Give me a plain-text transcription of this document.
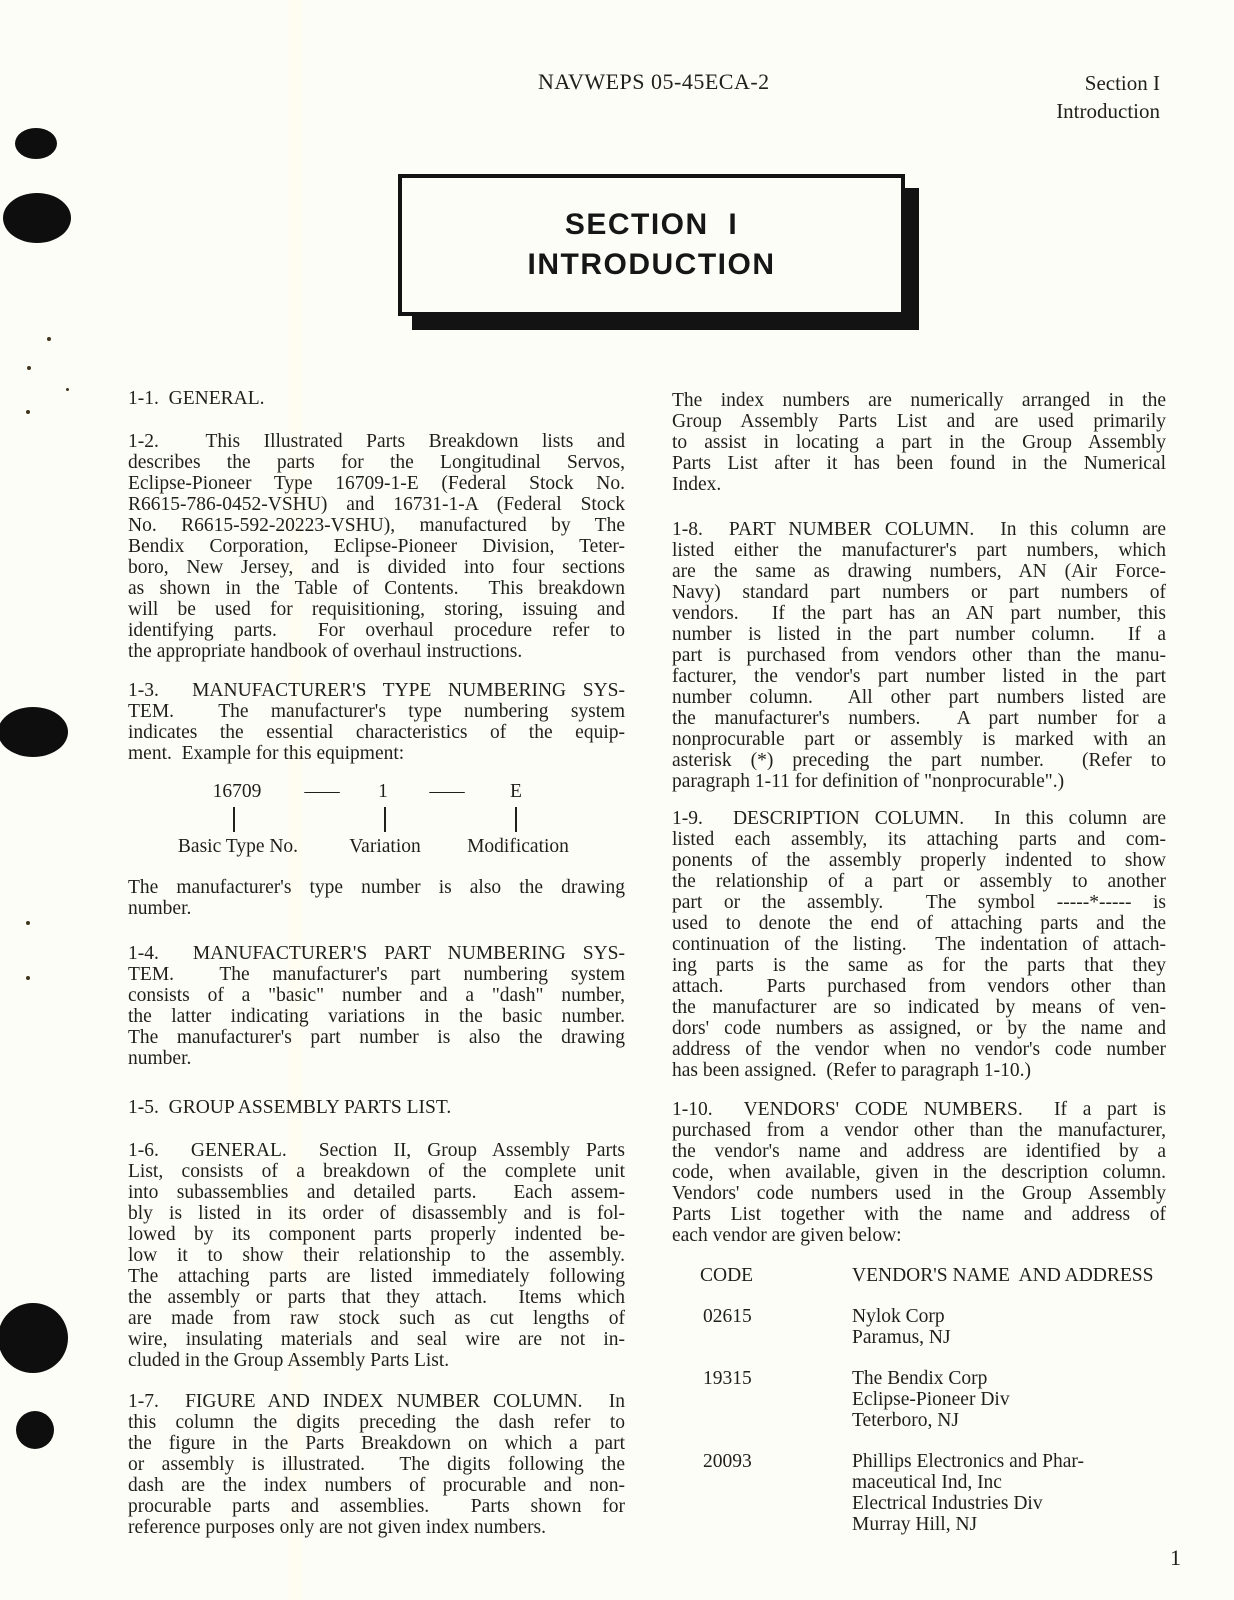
NAVWEPS 05-45ECA-2	Section I
Introduction
SECTION  I
INTRODUCTION
1-1.  GENERAL.
1-2.  This Illustrated Parts Breakdown lists and
describes the parts for the Longitudinal Servos,
Eclipse-Pioneer Type 16709-1-E (Federal Stock No.
R6615-786-0452-VSHU) and 16731-1-A (Federal Stock
No. R6615-592-20223-VSHU), manufactured by The
Bendix Corporation, Eclipse-Pioneer Division, Teter-
boro, New Jersey, and is divided into four sections
as shown in the Table of Contents.  This breakdown
will be used for requisitioning, storing, issuing and
identifying parts.  For overhaul procedure refer to
the appropriate handbook of overhaul instructions.
1-3.  MANUFACTURER'S TYPE NUMBERING SYS-
TEM.  The manufacturer's type numbering system
indicates the essential characteristics of the equip-
ment.  Example for this equipment:
16709 — 1 — E
Basic Type No.	Variation Modification
The manufacturer's type number is also the drawing
number.
1-4.  MANUFACTURER'S PART NUMBERING SYS-
TEM.  The manufacturer's part numbering system
consists of a "basic" number and a "dash" number,
the latter indicating variations in the basic number.
The manufacturer's part number is also the drawing
number.
1-5.  GROUP ASSEMBLY PARTS LIST.
1-6.  GENERAL.  Section II, Group Assembly Parts
List, consists of a breakdown of the complete unit
into subassemblies and detailed parts.  Each assem-
bly is listed in its order of disassembly and is fol-
lowed by its component parts properly indented be-
low it to show their relationship to the assembly.
The attaching parts are listed immediately following
the assembly or parts that they attach.  Items which
are made from raw stock such as cut lengths of
wire, insulating materials and seal wire are not in-
cluded in the Group Assembly Parts List.
1-7.  FIGURE AND INDEX NUMBER COLUMN.  In
this column the digits preceding the dash refer to
the figure in the Parts Breakdown on which a part
or assembly is illustrated.  The digits following the
dash are the index numbers of procurable and non-
procurable parts and assemblies.  Parts shown for
reference purposes only are not given index numbers.
The index numbers are numerically arranged in the
Group Assembly Parts List and are used primarily
to assist in locating a part in the Group Assembly
Parts List after it has been found in the Numerical
Index.
1-8.  PART NUMBER COLUMN.  In this column are
listed either the manufacturer's part numbers, which
are the same as drawing numbers, AN (Air Force-
Navy) standard part numbers or part numbers of
vendors.  If the part has an AN part number, this
number is listed in the part number column.  If a
part is purchased from vendors other than the manu-
facturer, the vendor's part number listed in the part
number column.  All other part numbers listed are
the manufacturer's numbers.  A part number for a
nonprocurable part or assembly is marked with an
asterisk (*) preceding the part number.  (Refer to
paragraph 1-11 for definition of "nonprocurable".)
1-9.  DESCRIPTION COLUMN.  In this column are
listed each assembly, its attaching parts and com-
ponents of the assembly properly indented to show
the relationship of a part or assembly to another
part or the assembly.  The symbol -----*----- is
used to denote the end of attaching parts and the
continuation of the listing.  The indentation of attach-
ing parts is the same as for the parts that they
attach.  Parts purchased from vendors other than
the manufacturer are so indicated by means of ven-
dors' code numbers as assigned, or by the name and
address of the vendor when no vendor's code number
has been assigned.  (Refer to paragraph 1-10.)
1-10.  VENDORS' CODE NUMBERS.  If a part is
purchased from a vendor other than the manufacturer,
the vendor's name and address are identified by a
code, when available, given in the description column.
Vendors' code numbers used in the Group Assembly
Parts List together with the name and address of
each vendor are given below:
CODE	VENDOR'S NAME  AND ADDRESS
02615	Nylok Corp
Paramus, NJ
19315	The Bendix Corp
Eclipse-Pioneer Div
Teterboro, NJ
20093	Phillips Electronics and Phar-
maceutical Ind, Inc
Electrical Industries Div
Murray Hill, NJ
1
